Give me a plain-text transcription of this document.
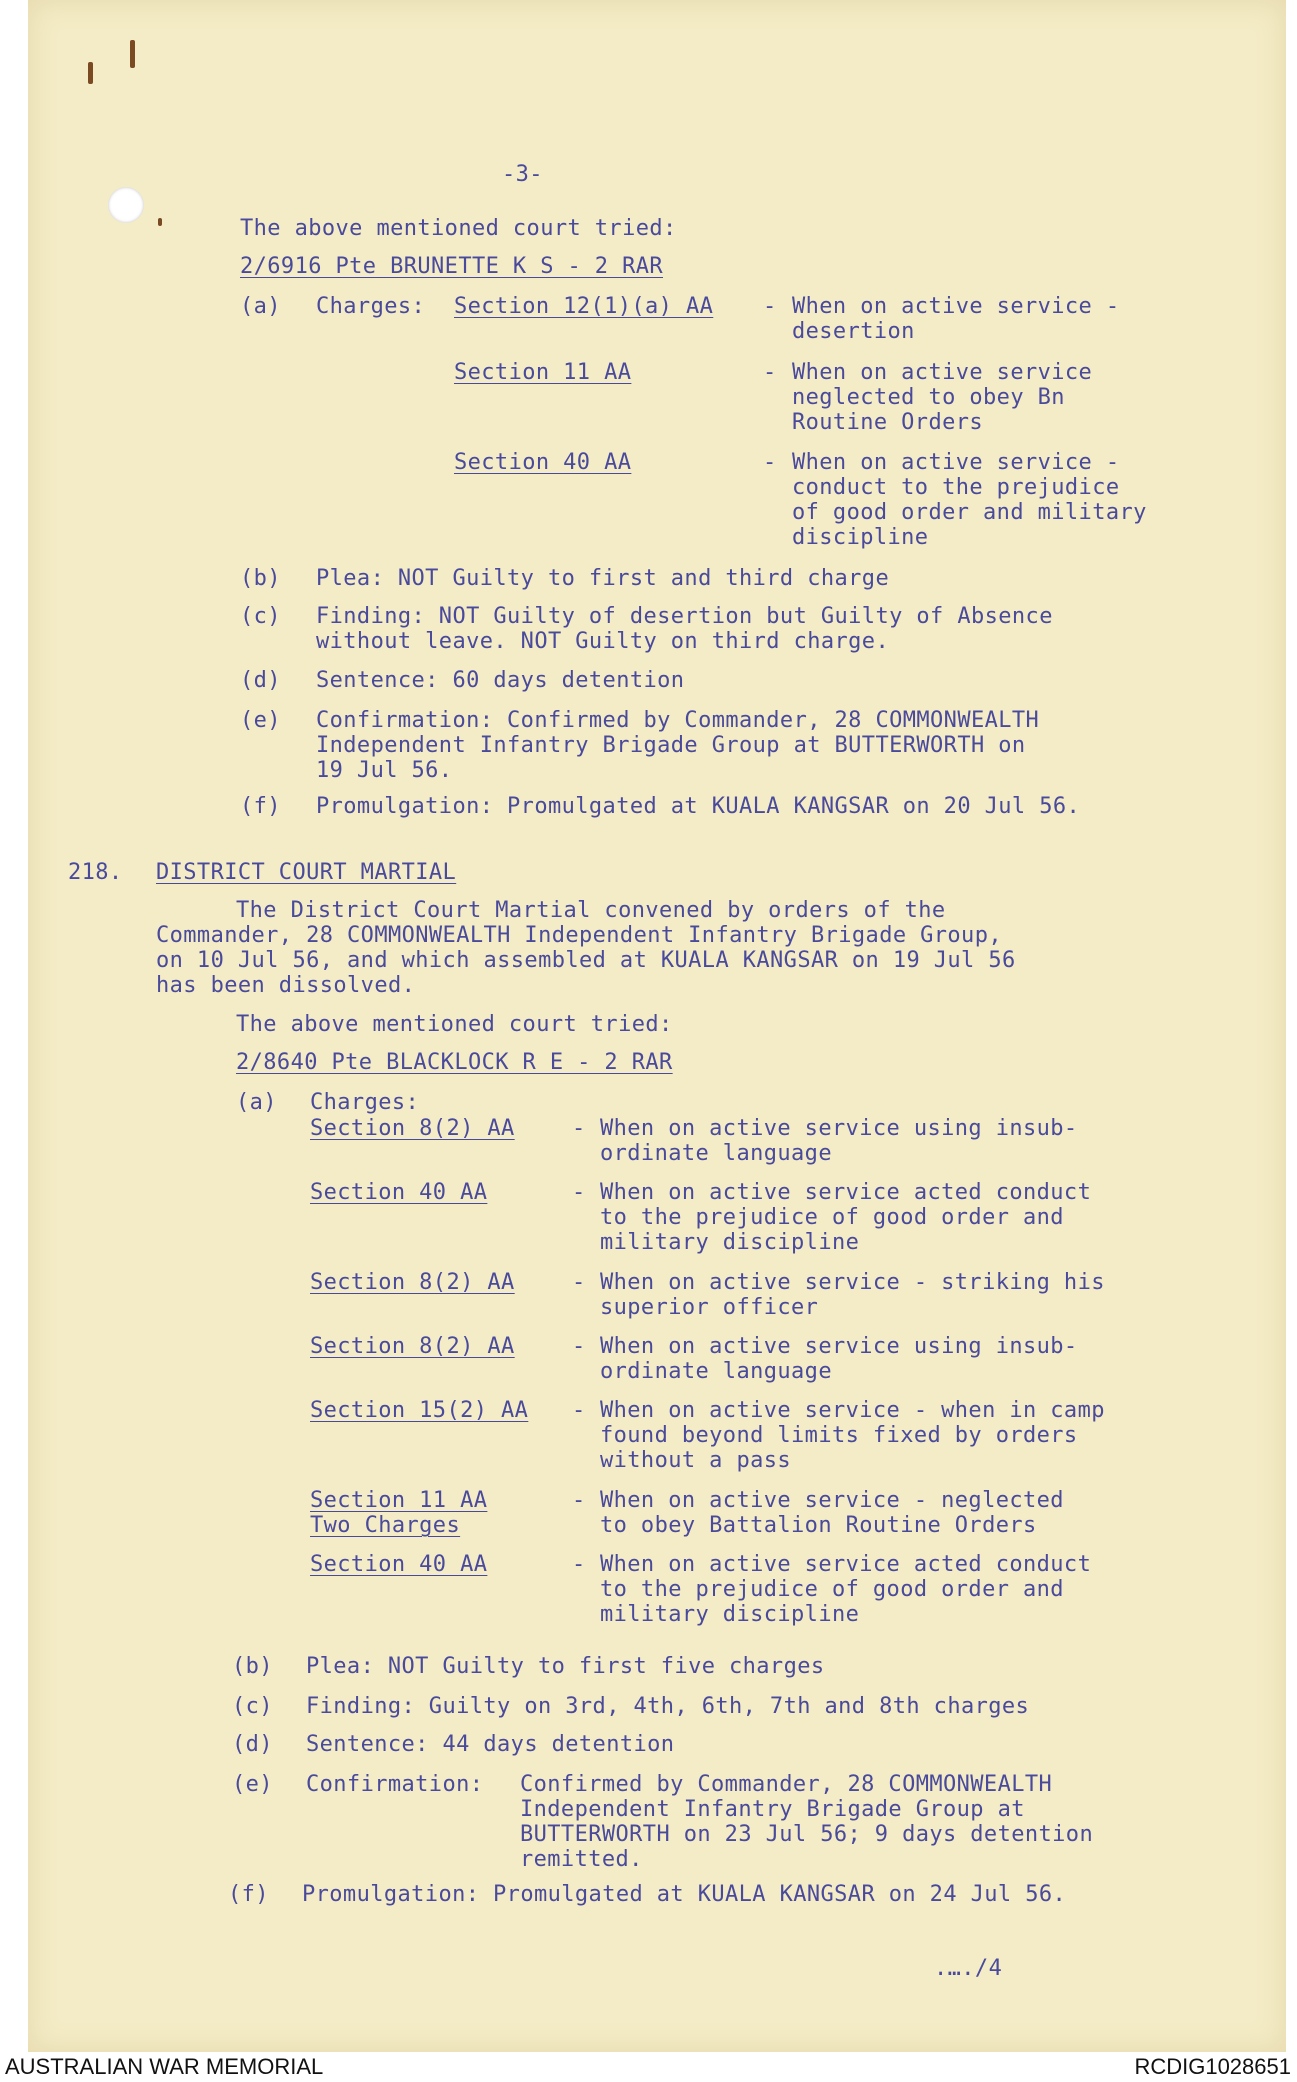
-3-
The above mentioned court tried:
2/6916 Pte BRUNETTE K S - 2 RAR
(a) Charges: Section 12(1)(a) AA - When on active service -
desertion
Section 11 AA	- When on active service
neglected to obey Bn
Routine Orders
Section 40 AA	- When on active service -
conduct to the prejudice
of good order and military
discipline
(b) Plea: NOT Guilty to first and third charge
(c) Finding: NOT Guilty of desertion but Guilty of Absence
without leave. NOT Guilty on third charge.
(d) Sentence: 60 days detention
(e) Confirmation: Confirmed by Commander, 28 COMMONWEALTH
Independent Infantry Brigade Group at BUTTERWORTH on
19 Jul 56.
(f) Promulgation: Promulgated at KUALA KANGSAR on 20 Jul 56.
218. DISTRICT COURT MARTIAL
The District Court Martial convened by orders of the
Commander, 28 COMMONWEALTH Independent Infantry Brigade Group,
on 10 Jul 56, and which assembled at KUALA KANGSAR on 19 Jul 56
has been dissolved.
The above mentioned court tried:
2/8640 Pte BLACKLOCK R E - 2 RAR
(a) Charges:
Section 8(2) AA	- When on active service using insub-
ordinate language
Section 40 AA	- When on active service acted conduct
to the prejudice of good order and
military discipline
Section 8(2) AA	- When on active service - striking his
superior officer
Section 8(2) AA	- When on active service using insub-
ordinate language
Section 15(2) AA - When on active service - when in camp
found beyond limits fixed by orders
without a pass
Section 11 AA
Two Charges
- When on active service - neglected
to obey Battalion Routine Orders
Section 40 AA	- When on active service acted conduct
to the prejudice of good order and
military discipline
(b) Plea: NOT Guilty to first five charges
(c) Finding: Guilty on 3rd, 4th, 6th, 7th and 8th charges
(d) Sentence: 44 days detention
(e) Confirmation: Confirmed by Commander, 28 COMMONWEALTH
Independent Infantry Brigade Group at
BUTTERWORTH on 23 Jul 56; 9 days detention
remitted.
(f) Promulgation: Promulgated at KUALA KANGSAR on 24 Jul 56.
.…./4
AUSTRALIAN WAR MEMORIAL	RCDIG1028651
